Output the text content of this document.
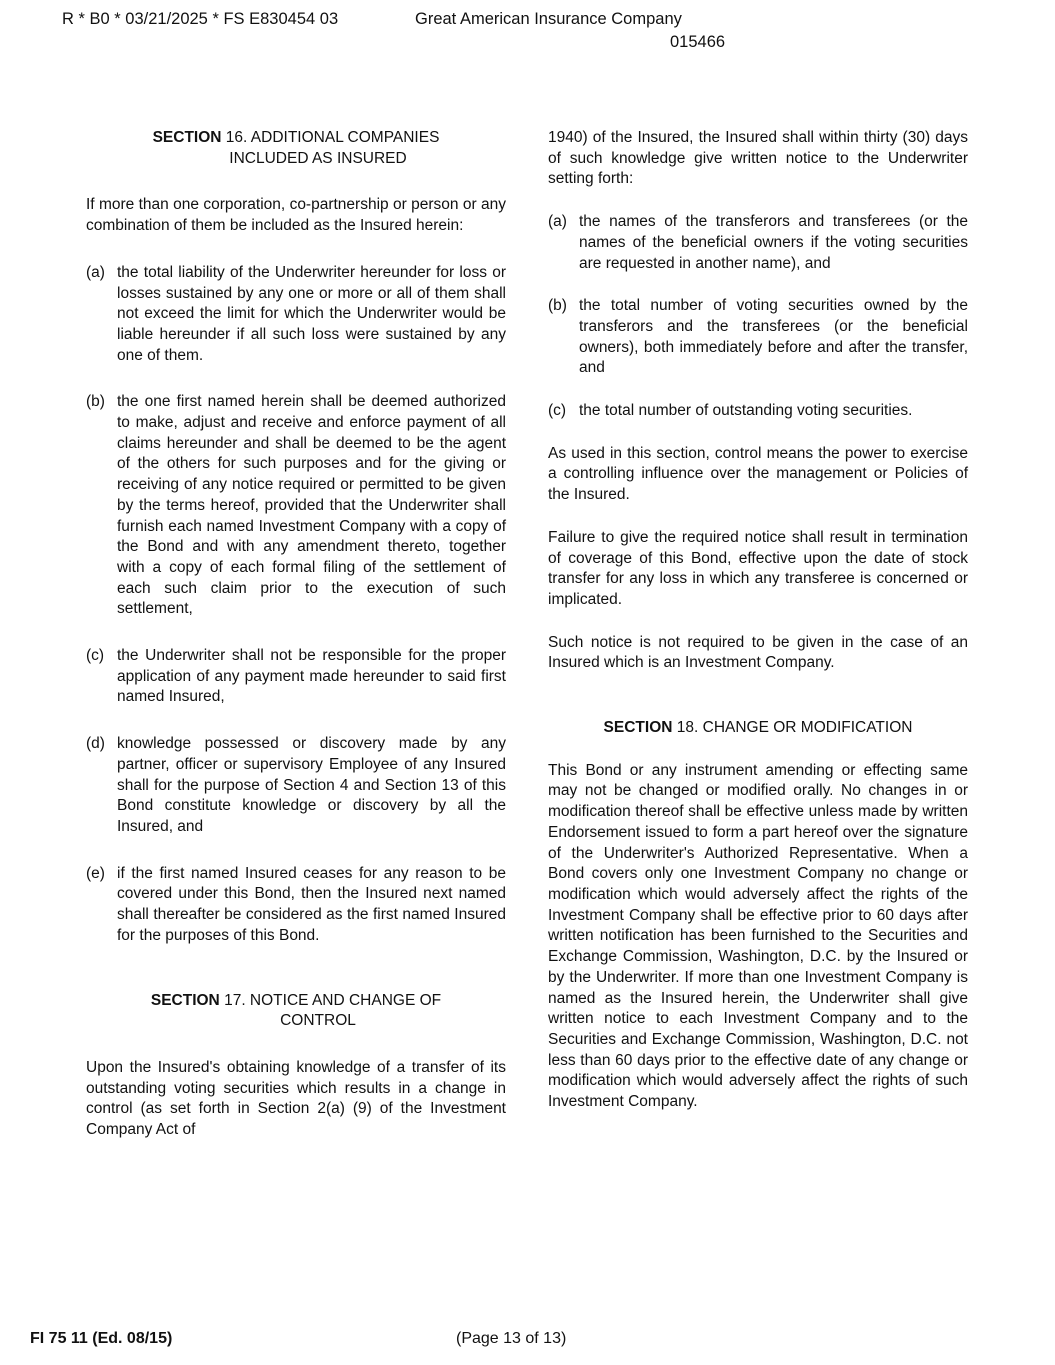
R * B0 * 03/21/2025 * FS E830454 03	Great American Insurance Company
015466
SECTION 16. ADDITIONAL COMPANIES
INCLUDED AS INSURED

If more than one corporation, co-partnership or person or any combination of them be included as the Insured herein:

(a) the total liability of the Underwriter hereunder for loss or losses sustained by any one or more or all of them shall not exceed the limit for which the Underwriter would be liable hereunder if all such loss were sustained by any one of them.
(b) the one first named herein shall be deemed authorized to make, adjust and receive and enforce payment of all claims hereunder and shall be deemed to be the agent of the others for such purposes and for the giving or receiving of any notice required or permitted to be given by the terms hereof, provided that the Underwriter shall furnish each named Investment Company with a copy of the Bond and with any amendment thereto, together with a copy of each formal filing of the settlement of each such claim prior to the execution of such settlement,
(c) the Underwriter shall not be responsible for the proper application of any payment made hereunder to said first named Insured,
(d) knowledge possessed or discovery made by any partner, officer or supervisory Employee of any Insured shall for the purpose of Section 4 and Section 13 of this Bond constitute knowledge or discovery by all the Insured, and
(e) if the first named Insured ceases for any reason to be covered under this Bond, then the Insured next named shall thereafter be considered as the first named Insured for the purposes of this Bond.
SECTION 17. NOTICE AND CHANGE OF
CONTROL

Upon the Insured's obtaining knowledge of a transfer of its outstanding voting securities which results in a change in control (as set forth in Section 2(a) (9) of the Investment Company Act of

1940) of the Insured, the Insured shall within thirty (30) days of such knowledge give written notice to the Underwriter setting forth:

(a) the names of the transferors and transferees (or the names of the beneficial owners if the voting securities are requested in another name), and
(b) the total number of voting securities owned by the transferors and the transferees (or the beneficial owners), both immediately before and after the transfer, and
(c) the total number of outstanding voting securities.

As used in this section, control means the power to exercise a controlling influence over the management or Policies of the Insured.

Failure to give the required notice shall result in termination of coverage of this Bond, effective upon the date of stock transfer for any loss in which any transferee is concerned or implicated.

Such notice is not required to be given in the case of an Insured which is an Investment Company.

SECTION 18. CHANGE OR MODIFICATION

This Bond or any instrument amending or effecting same may not be changed or modified orally. No changes in or modification thereof shall be effective unless made by written Endorsement issued to form a part hereof over the signature of the Underwriter's Authorized Representative. When a Bond covers only one Investment Company no change or modification which would adversely affect the rights of the Investment Company shall be effective prior to 60 days after written notification has been furnished to the Securities and Exchange Commission, Washington, D.C. by the Insured or by the Underwriter. If more than one Investment Company is named as the Insured herein, the Underwriter shall give written notice to each Investment Company and to the Securities and Exchange Commission, Washington, D.C. not less than 60 days prior to the effective date of any change or modification which would adversely affect the rights of such Investment Company.

FI 75 11 (Ed. 08/15)	(Page 13 of 13)
